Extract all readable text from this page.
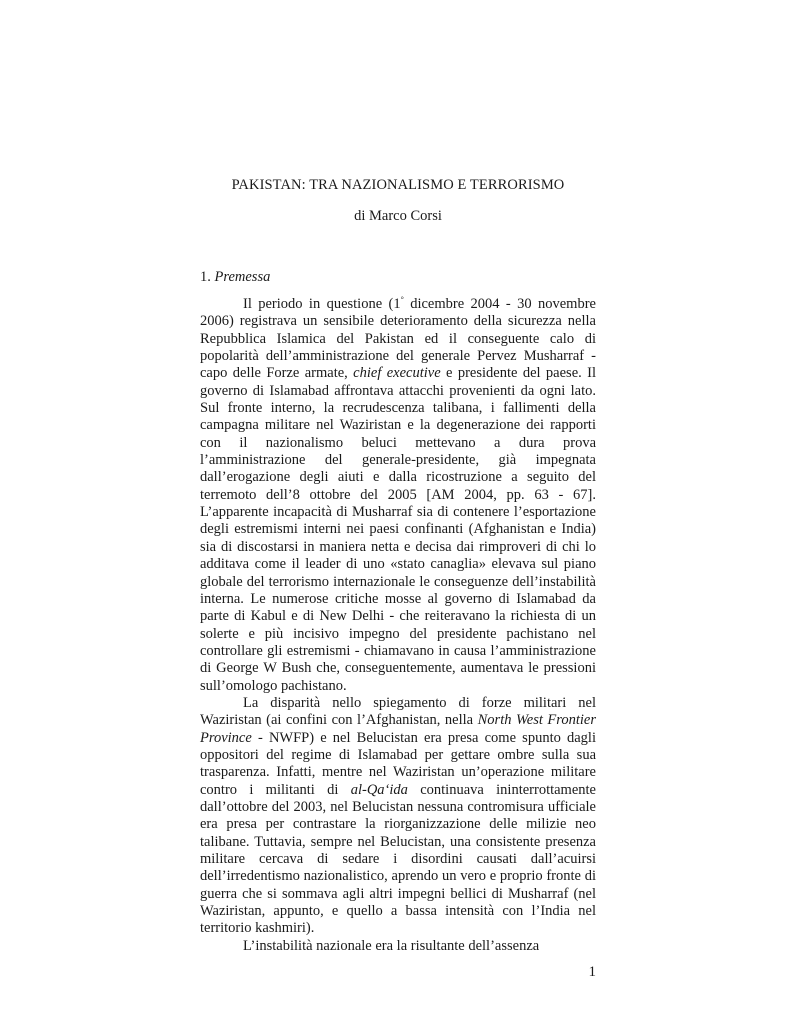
PAKISTAN: TRA NAZIONALISMO E TERRORISMO
di Marco Corsi
1. Premessa

Il periodo in questione (1° dicembre 2004 - 30 novembre 2006) registrava un sensibile deterioramento della sicurezza nella Repubblica Islamica del Pakistan ed il conseguente calo di popolarità dell’amministrazione del generale Pervez Musharraf - capo delle Forze armate, chief executive e presidente del paese. Il governo di Islamabad affrontava attacchi provenienti da ogni lato. Sul fronte interno, la recrudescenza talibana, i fallimenti della campagna militare nel Waziristan e la degenerazione dei rapporti con il nazionalismo beluci mettevano a dura prova l’amministrazione del generale-presidente, già impegnata dall’erogazione degli aiuti e dalla ricostruzione a seguito del terremoto dell’8 ottobre del 2005 [AM 2004, pp. 63 - 67]. L’apparente incapacità di Musharraf sia di contenere l’esportazione degli estremismi interni nei paesi confinanti (Afghanistan e India) sia di discostarsi in maniera netta e decisa dai rimproveri di chi lo additava come il leader di uno «stato canaglia» elevava sul piano globale del terrorismo internazionale le conseguenze dell’instabilità interna. Le numerose critiche mosse al governo di Islamabad da parte di Kabul e di New Delhi - che reiteravano la richiesta di un solerte e più incisivo impegno del presidente pachistano nel controllare gli estremismi - chiamavano in causa l’amministrazione di George W Bush che, conseguentemente, aumentava le pressioni sull’omologo pachistano.

La disparità nello spiegamento di forze militari nel Waziristan (ai confini con l’Afghanistan, nella North West Frontier Province - NWFP) e nel Belucistan era presa come spunto dagli oppositori del regime di Islamabad per gettare ombre sulla sua trasparenza. Infatti, mentre nel Waziristan un’operazione militare contro i militanti di al-Qa‘ida continuava ininterrottamente dall’ottobre del 2003, nel Belucistan nessuna contromisura ufficiale era presa per contrastare la riorganizzazione delle milizie neo talibane. Tuttavia, sempre nel Belucistan, una consistente presenza militare cercava di sedare i disordini causati dall’acuirsi dell’irredentismo nazionalistico, aprendo un vero e proprio fronte di guerra che si sommava agli altri impegni bellici di Musharraf (nel Waziristan, appunto, e quello a bassa intensità con l’India nel territorio kashmiri).

L’instabilità nazionale era la risultante dell’assenza

1
